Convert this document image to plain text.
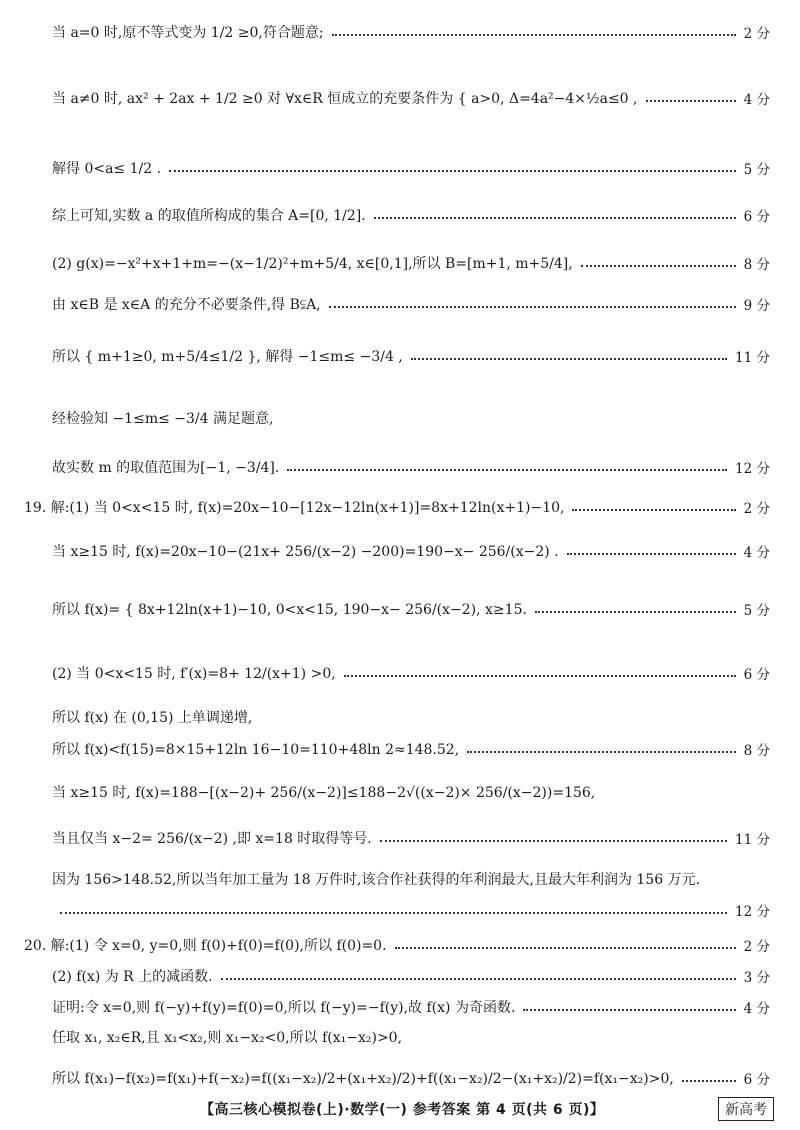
当 a=0 时,原不等式变为 1/2 ≥0,符合题意;	2 分
当 a≠0 时, ax² + 2ax + 1/2 ≥0 对 ∀x∈R 恒成立的充要条件为 { a>0, Δ=4a²−4×½a≤0 ,	4 分
解得 0<a≤ 1/2 .	5 分
综上可知,实数 a 的取值所构成的集合 A=[0, 1/2].	6 分
(2) g(x)=−x²+x+1+m=−(x−1/2)²+m+5/4, x∈[0,1],所以 B=[m+1, m+5/4],	8 分
由 x∈B 是 x∈A 的充分不必要条件,得 B⫋A,	9 分
所以 { m+1≥0, m+5/4≤1/2 }, 解得 −1≤m≤ −3/4 ,	11 分
经检验知 −1≤m≤ −3/4 满足题意,
故实数 m 的取值范围为[−1, −3/4].	12 分
19. 解:(1) 当 0<x<15 时, f(x)=20x−10−[12x−12ln(x+1)]=8x+12ln(x+1)−10,	2 分
当 x≥15 时, f(x)=20x−10−(21x+ 256/(x−2) −200)=190−x− 256/(x−2) .	4 分
所以 f(x)= { 8x+12ln(x+1)−10, 0<x<15, 190−x− 256/(x−2), x≥15.	5 分
(2) 当 0<x<15 时, f′(x)=8+ 12/(x+1) >0,	6 分
所以 f(x) 在 (0,15) 上单调递增,
所以 f(x)<f(15)=8×15+12ln 16−10=110+48ln 2≈148.52,	8 分
当 x≥15 时, f(x)=188−[(x−2)+ 256/(x−2)]≤188−2√((x−2)× 256/(x−2))=156,
当且仅当 x−2= 256/(x−2) ,即 x=18 时取得等号.	11 分
因为 156>148.52,所以当年加工量为 18 万件时,该合作社获得的年利润最大,且最大年利润为 156 万元.
12 分
20. 解:(1) 令 x=0, y=0,则 f(0)+f(0)=f(0),所以 f(0)=0.	2 分
(2) f(x) 为 R 上的减函数.	3 分
证明:令 x=0,则 f(−y)+f(y)=f(0)=0,所以 f(−y)=−f(y),故 f(x) 为奇函数.	4 分
任取 x₁, x₂∈R,且 x₁<x₂,则 x₁−x₂<0,所以 f(x₁−x₂)>0,
所以 f(x₁)−f(x₂)=f(x₁)+f(−x₂)=f((x₁−x₂)/2+(x₁+x₂)/2)+f((x₁−x₂)/2−(x₁+x₂)/2)=f(x₁−x₂)>0,	6 分
【高三核心模拟卷(上)·数学(一) 参考答案 第 4 页(共 6 页)】	新高考
